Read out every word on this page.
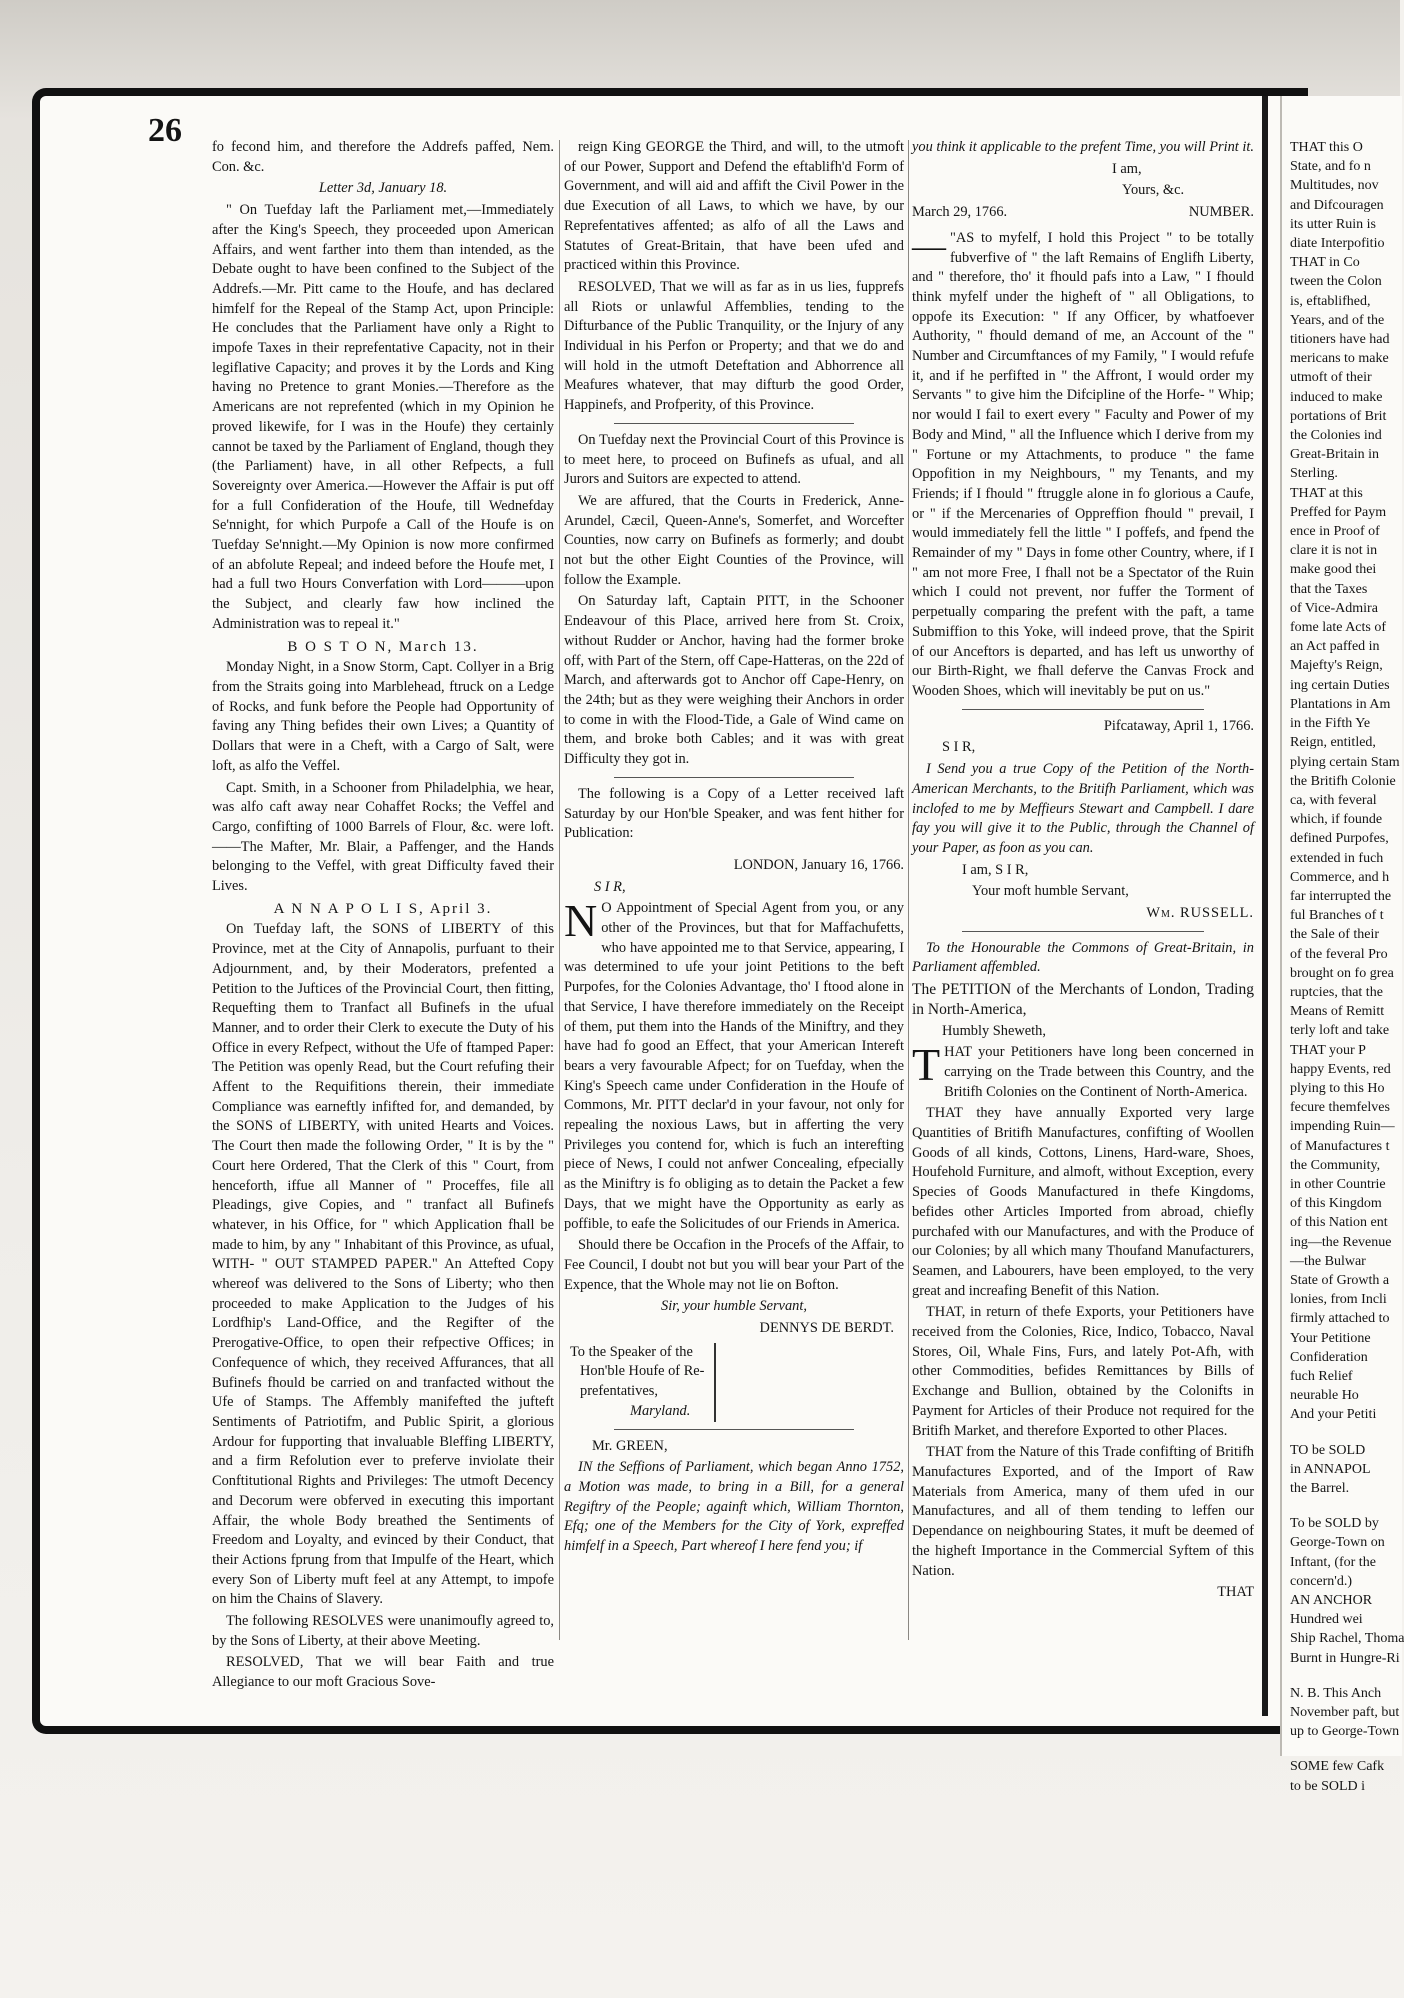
26 fo fecond him, and therefore the Addrefs paffed, Nem. Con. &c.

Letter 3d, January 18.

" On Tuefday laft the Parliament met,—Immediately after the King's Speech, they proceeded upon American Affairs, and went farther into them than intended, as the Debate ought to have been confined to the Subject of the Addrefs.—Mr. Pitt came to the Houfe, and has declared himfelf for the Repeal of the Stamp Act, upon Principle: He concludes that the Parliament have only a Right to impofe Taxes in their reprefentative Capacity, not in their legiflative Capacity; and proves it by the Lords and King having no Pretence to grant Monies.—Therefore as the Americans are not reprefented (which in my Opinion he proved likewife, for I was in the Houfe) they certainly cannot be taxed by the Parliament of England, though they (the Parliament) have, in all other Refpects, a full Sovereignty over America.—However the Affair is put off for a full Confideration of the Houfe, till Wednefday Se'nnight, for which Purpofe a Call of the Houfe is on Tuefday Se'nnight.—My Opinion is now more confirmed of an abfolute Repeal; and indeed before the Houfe met, I had a full two Hours Converfation with Lord———upon the Subject, and clearly faw how inclined the Administration was to repeal it."

B O S T O N, March 13.

Monday Night, in a Snow Storm, Capt. Collyer in a Brig from the Straits going into Marblehead, ftruck on a Ledge of Rocks, and funk before the People had Opportunity of faving any Thing befides their own Lives; a Quantity of Dollars that were in a Cheft, with a Cargo of Salt, were loft, as alfo the Veffel.

Capt. Smith, in a Schooner from Philadelphia, we hear, was alfo caft away near Cohaffet Rocks; the Veffel and Cargo, confifting of 1000 Barrels of Flour, &c. were loft.——The Mafter, Mr. Blair, a Paffenger, and the Hands belonging to the Veffel, with great Difficulty faved their Lives.

A N N A P O L I S, April 3.

On Tuefday laft, the SONS of LIBERTY of this Province, met at the City of Annapolis, purfuant to their Adjournment, and, by their Moderators, prefented a Petition to the Juftices of the Provincial Court, then fitting, Requefting them to Tranfact all Bufinefs in the ufual Manner, and to order their Clerk to execute the Duty of his Office in every Refpect, without the Ufe of ftamped Paper: The Petition was openly Read, but the Court refufing their Affent to the Requifitions therein, their immediate Compliance was earneftly infifted for, and demanded, by the SONS of LIBERTY, with united Hearts and Voices. The Court then made the following Order, " It is by the " Court here Ordered, That the Clerk of this " Court, from henceforth, iffue all Manner of " Proceffes, file all Pleadings, give Copies, and " tranfact all Bufinefs whatever, in his Office, for " which Application fhall be made to him, by any " Inhabitant of this Province, as ufual, WITH- " OUT STAMPED PAPER." An Attefted Copy whereof was delivered to the Sons of Liberty; who then proceeded to make Application to the Judges of his Lordfhip's Land-Office, and the Regifter of the Prerogative-Office, to open their refpective Offices; in Confequence of which, they received Affurances, that all Bufinefs fhould be carried on and tranfacted without the Ufe of Stamps. The Affembly manifefted the jufteft Sentiments of Patriotifm, and Public Spirit, a glorious Ardour for fupporting that invaluable Bleffing LIBERTY, and a firm Refolution ever to preferve inviolate their Conftitutional Rights and Privileges: The utmoft Decency and Decorum were obferved in executing this important Affair, the whole Body breathed the Sentiments of Freedom and Loyalty, and evinced by their Conduct, that their Actions fprung from that Impulfe of the Heart, which every Son of Liberty muft feel at any Attempt, to impofe on him the Chains of Slavery.

The following RESOLVES were unanimoufly agreed to, by the Sons of Liberty, at their above Meeting.

RESOLVED, That we will bear Faith and true Allegiance to our moft Gracious Sove-

reign King GEORGE the Third, and will, to the utmoft of our Power, Support and Defend the eftablifh'd Form of Government, and will aid and affift the Civil Power in the due Execution of all Laws, to which we have, by our Reprefentatives affented; as alfo of all the Laws and Statutes of Great-Britain, that have been ufed and practiced within this Province.

RESOLVED, That we will as far as in us lies, fupprefs all Riots or unlawful Affemblies, tending to the Difturbance of the Public Tranquility, or the Injury of any Individual in his Perfon or Property; and that we do and will hold in the utmoft Deteftation and Abhorrence all Meafures whatever, that may difturb the good Order, Happinefs, and Profperity, of this Province.

On Tuefday next the Provincial Court of this Province is to meet here, to proceed on Bufinefs as ufual, and all Jurors and Suitors are expected to attend.

We are affured, that the Courts in Frederick, Anne-Arundel, Cæcil, Queen-Anne's, Somerfet, and Worcefter Counties, now carry on Bufinefs as formerly; and doubt not but the other Eight Counties of the Province, will follow the Example.

On Saturday laft, Captain PITT, in the Schooner Endeavour of this Place, arrived here from St. Croix, without Rudder or Anchor, having had the former broke off, with Part of the Stern, off Cape-Hatteras, on the 22d of March, and afterwards got to Anchor off Cape-Henry, on the 24th; but as they were weighing their Anchors in order to come in with the Flood-Tide, a Gale of Wind came on them, and broke both Cables; and it was with great Difficulty they got in.

The following is a Copy of a Letter received laft Saturday by our Hon'ble Speaker, and was fent hither for Publication:

LONDON, January 16, 1766.

S I R,

N O Appointment of Special Agent from you, or any other of the Provinces, but that for Maffachufetts, who have appointed me to that Service, appearing, I was determined to ufe your joint Petitions to the beft Purpofes, for the Colonies Advantage, tho' I ftood alone in that Service, I have therefore immediately on the Receipt of them, put them into the Hands of the Miniftry, and they have had fo good an Effect, that your American Intereft bears a very favourable Afpect; for on Tuefday, when the King's Speech came under Confideration in the Houfe of Commons, Mr. PITT declar'd in your favour, not only for repealing the noxious Laws, but in afferting the very Privileges you contend for, which is fuch an interefting piece of News, I could not anfwer Concealing, efpecially as the Miniftry is fo obliging as to detain the Packet a few Days, that we might have the Opportunity as early as poffible, to eafe the Solicitudes of our Friends in America.

Should there be Occafion in the Procefs of the Affair, to Fee Council, I doubt not but you will bear your Part of the Expence, that the Whole may not lie on Bofton.

Sir, your humble Servant,

DENNYS DE BERDT.

To the Speaker of the
Hon'ble Houfe of Re-
prefentatives,
Maryland.

Mr. GREEN,

IN the Seffions of Parliament, which began Anno 1752, a Motion was made, to bring in a Bill, for a general Regiftry of the People; againft which, William Thornton, Efq; one of the Members for the City of York, expreffed himfelf in a Speech, Part whereof I here fend you; if

you think it applicable to the prefent Time, you will Print it.

I am,

Yours, &c.

March 29, 1766.	NUMBER.

— "AS to myfelf, I hold this Project " to be totally fubverfive of " the laft Remains of Englifh Liberty, and " therefore, tho' it fhould pafs into a Law, " I fhould think myfelf under the higheft of " all Obligations, to oppofe its Execution: " If any Officer, by whatfoever Authority, " fhould demand of me, an Account of the " Number and Circumftances of my Family, " I would refufe it, and if he perfifted in " the Affront, I would order my Servants " to give him the Difcipline of the Horfe- " Whip; nor would I fail to exert every " Faculty and Power of my Body and Mind, " all the Influence which I derive from my " Fortune or my Attachments, to produce " the fame Oppofition in my Neighbours, " my Tenants, and my Friends; if I fhould " ftruggle alone in fo glorious a Caufe, or " if the Mercenaries of Oppreffion fhould " prevail, I would immediately fell the little " I poffefs, and fpend the Remainder of my " Days in fome other Country, where, if I " am not more Free, I fhall not be a Spectator of the Ruin which I could not prevent, nor fuffer the Torment of perpetually comparing the prefent with the paft, a tame Submiffion to this Yoke, will indeed prove, that the Spirit of our Anceftors is departed, and has left us unworthy of our Birth-Right, we fhall deferve the Canvas Frock and Wooden Shoes, which will inevitably be put on us."

Pifcataway, April 1, 1766.

S I R,

I Send you a true Copy of the Petition of the North-American Merchants, to the Britifh Parliament, which was inclofed to me by Meffieurs Stewart and Campbell. I dare fay you will give it to the Public, through the Channel of your Paper, as foon as you can.

I am, S I R,

Your moft humble Servant,

Wm. RUSSELL.

To the Honourable the Commons of Great-Britain, in Parliament affembled.

The PETITION of the Merchants of London, Trading in North-America,

Humbly Sheweth,

THAT your Petitioners have long been concerned in carrying on the Trade between this Country, and the Britifh Colonies on the Continent of North-America.

THAT they have annually Exported very large Quantities of Britifh Manufactures, confifting of Woollen Goods of all kinds, Cottons, Linens, Hard-ware, Shoes, Houfehold Furniture, and almoft, without Exception, every Species of Goods Manufactured in thefe Kingdoms, befides other Articles Imported from abroad, chiefly purchafed with our Manufactures, and with the Produce of our Colonies; by all which many Thoufand Manufacturers, Seamen, and Labourers, have been employed, to the very great and increafing Benefit of this Nation.

THAT, in return of thefe Exports, your Petitioners have received from the Colonies, Rice, Indico, Tobacco, Naval Stores, Oil, Whale Fins, Furs, and lately Pot-Afh, with other Commodities, befides Remittances by Bills of Exchange and Bullion, obtained by the Colonifts in Payment for Articles of their Produce not required for the Britifh Market, and therefore Exported to other Places.

THAT from the Nature of this Trade confifting of Britifh Manufactures Exported, and of the Import of Raw Materials from America, many of them ufed in our Manufactures, and all of them tending to leffen our Dependance on neighbouring States, it muft be deemed of the higheft Importance in the Commercial Syftem of this Nation.

THAT

THAT this O
State, and fo n
Multitudes, nov
and Difcouragen
its utter Ruin is
diate Interpofitio
THAT in Co
tween the Colon
is, eftablifhed,
Years, and of the
titioners have had
mericans to make
utmoft of their
induced to make
portations of Brit
the Colonies ind
Great-Britain in
Sterling.
THAT at this
Preffed for Paym
ence in Proof of
clare it is not in
make good thei
that the Taxes
of Vice-Admira
fome late Acts of
an Act paffed in
Majefty's Reign,
ing certain Duties
Plantations in Am
in the Fifth Ye
Reign, entitled,
plying certain Stam
the Britifh Colonie
ca, with feveral
which, if founde
defined Purpofes,
extended in fuch
Commerce, and h
far interrupted the
ful Branches of t
the Sale of their
of the feveral Pro
brought on fo grea
ruptcies, that the
Means of Remitt
terly loft and take
THAT your P
happy Events, red
plying to this Ho
fecure themfelves
impending Ruin—
of Manufactures t
the Community,
in other Countrie
of this Kingdom
of this Nation ent
ing—the Revenue
—the Bulwar
State of Growth a
lonies, from Incli
firmly attached to
Your Petitione
Confideration
fuch Relief
neurable Ho
And your Petiti
TO be SOLD
in ANNAPOL
the Barrel.
To be SOLD by
George-Town on
Inftant, (for the
concern'd.)
AN ANCHOR
Hundred wei
Ship Rachel, Thoma
Burnt in Hungre-Ri
N. B. This Anch
November paft, but
up to George-Town
SOME few Cafk
to be SOLD i
